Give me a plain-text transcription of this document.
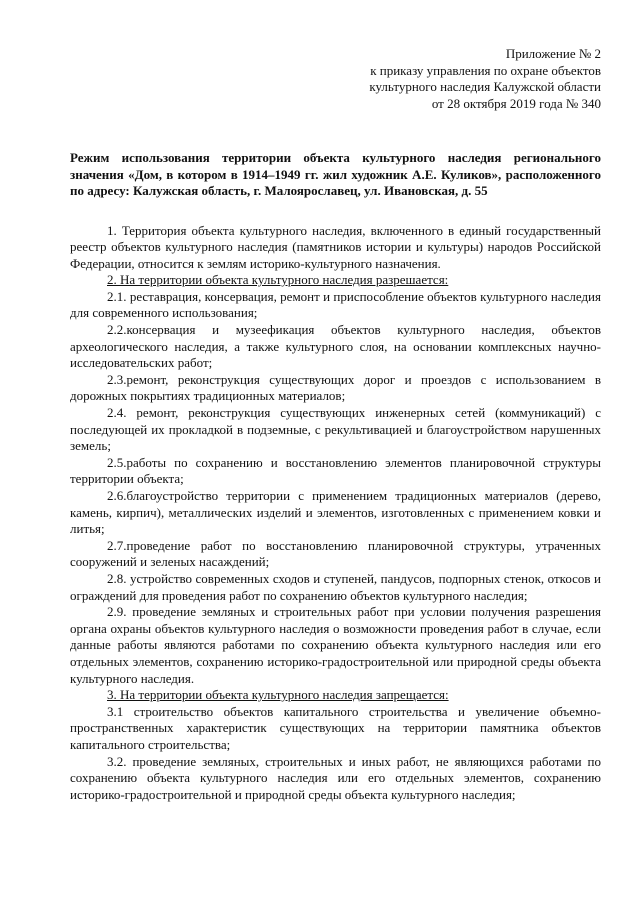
Приложение № 2
к приказу управления по охране объектов
культурного наследия Калужской области
от 28 октября 2019 года № 340
Режим использования территории объекта культурного наследия регионального значения «Дом, в котором в 1914–1949 гг. жил художник А.Е. Куликов», расположенного по адресу: Калужская область, г. Малоярославец, ул. Ивановская, д. 55

1. Территория объекта культурного наследия, включенного в единый государственный реестр объектов культурного наследия (памятников истории и культуры) народов Российской Федерации, относится к землям историко-культурного назначения.

2. На территории объекта культурного наследия разрешается:

2.1. реставрация, консервация, ремонт и приспособление объектов культурного наследия для современного использования;

2.2.консервация и музеефикация объектов культурного наследия, объектов археологического наследия, а также культурного слоя, на основании комплексных научно-исследовательских работ;

2.3.ремонт, реконструкция существующих дорог и проездов с использованием в дорожных покрытиях традиционных материалов;

2.4. ремонт, реконструкция существующих инженерных сетей (коммуникаций) с последующей их прокладкой в подземные, с рекультивацией и благоустройством нарушенных земель;

2.5.работы по сохранению и восстановлению элементов планировочной структуры территории объекта;

2.6.благоустройство территории с применением традиционных материалов (дерево, камень, кирпич), металлических изделий и элементов, изготовленных с применением ковки и литья;

2.7.проведение работ по восстановлению планировочной структуры, утраченных сооружений и зеленых насаждений;

2.8. устройство современных сходов и ступеней, пандусов, подпорных стенок, откосов и ограждений для проведения работ по сохранению объектов культурного наследия;

2.9. проведение земляных и строительных работ при условии получения разрешения органа охраны объектов культурного наследия о возможности проведения работ в случае, если данные работы являются работами по сохранению объекта культурного наследия или его отдельных элементов, сохранению историко-градостроительной или природной среды объекта культурного наследия.

3. На территории объекта культурного наследия запрещается:

3.1 строительство объектов капитального строительства и увеличение объемно-пространственных характеристик существующих на территории памятника объектов капитального строительства;

3.2. проведение земляных, строительных и иных работ, не являющихся работами по сохранению объекта культурного наследия или его отдельных элементов, сохранению историко-градостроительной и природной среды объекта культурного наследия;
